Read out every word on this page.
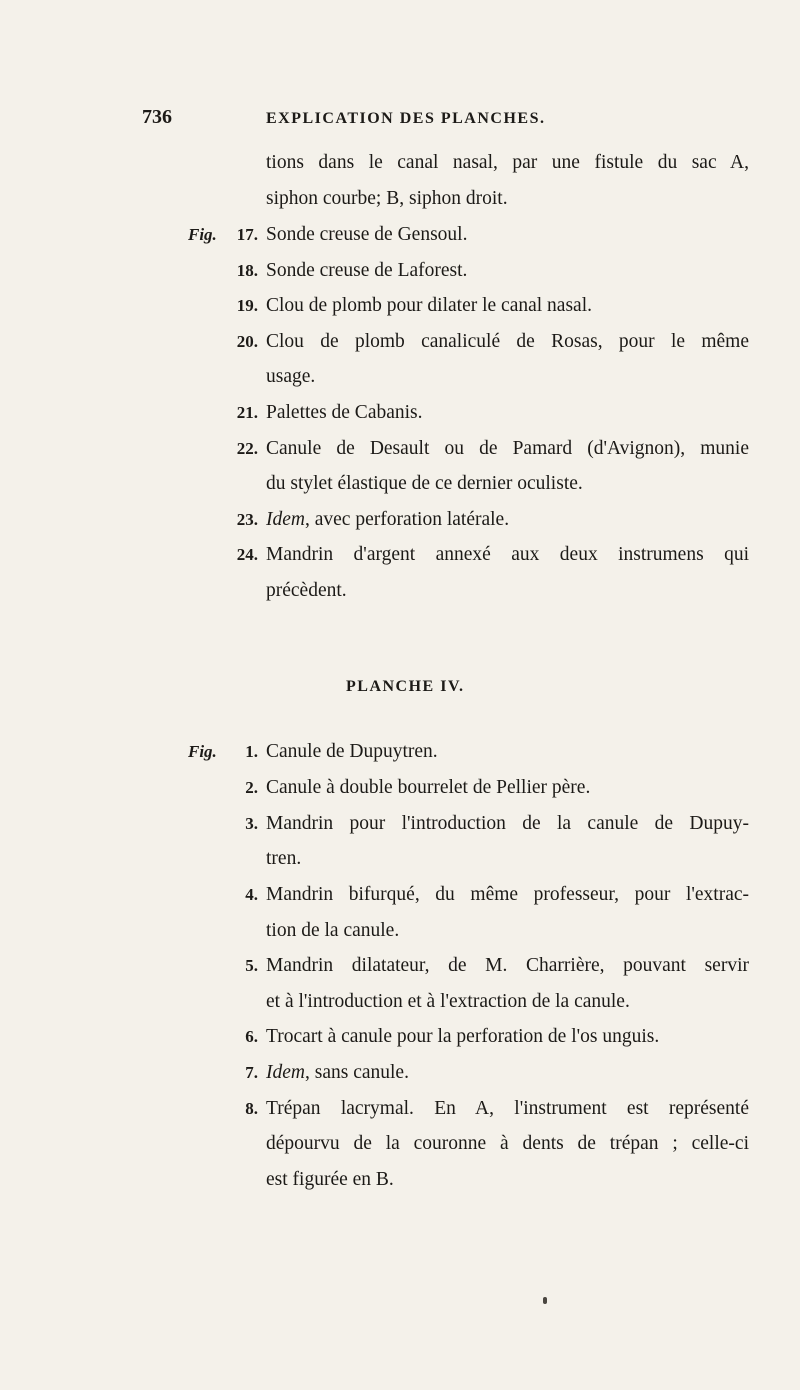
736	EXPLICATION DES PLANCHES.
tions dans le canal nasal, par une fistule du sac A,
siphon courbe; B, siphon droit.
Fig.	17. Sonde creuse de Gensoul.
18. Sonde creuse de Laforest.
19. Clou de plomb pour dilater le canal nasal.
20. Clou de plomb canaliculé de Rosas, pour le même
usage.
21. Palettes de Cabanis.
22. Canule de Desault ou de Pamard (d'Avignon), munie
du stylet élastique de ce dernier oculiste.
23. Idem, avec perforation latérale.
24. Mandrin d'argent annexé aux deux instrumens qui
précèdent.
PLANCHE IV.
Fig.	1. Canule de Dupuytren.
2. Canule à double bourrelet de Pellier père.
3. Mandrin pour l'introduction de la canule de Dupuy-
tren.
4. Mandrin bifurqué, du même professeur, pour l'extrac-
tion de la canule.
5. Mandrin dilatateur, de M. Charrière, pouvant servir
et à l'introduction et à l'extraction de la canule.
6. Trocart à canule pour la perforation de l'os unguis.
7. Idem, sans canule.
8. Trépan lacrymal. En A, l'instrument est représenté
dépourvu de la couronne à dents de trépan ; celle-ci
est figurée en B.
